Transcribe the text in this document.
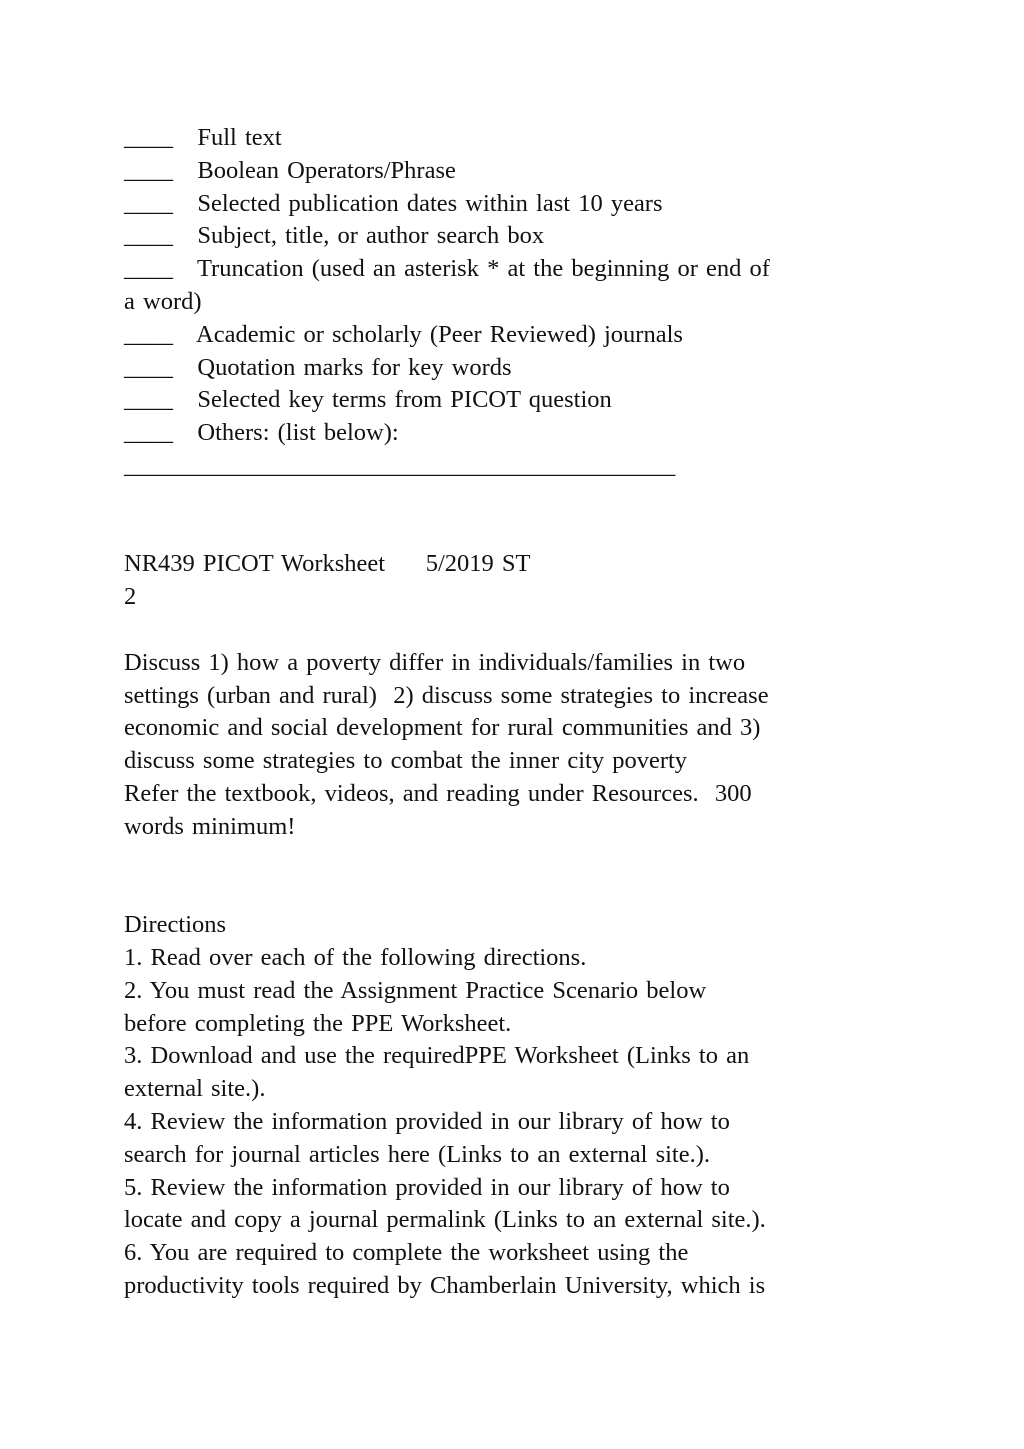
____ Full text
____ Boolean Operators/Phrase
____ Selected publication dates within last 10 years
____ Subject, title, or author search box
____ Truncation (used an asterisk * at the beginning or end of
a word)
____ Academic or scholarly (Peer Reviewed) journals
____ Quotation marks for key words
____ Selected key terms from PICOT question
____ Others: (list below):
_____________________________________________
NR439 PICOT Worksheet     5/2019 ST
2
Discuss 1) how a poverty differ in individuals/families in two
settings (urban and rural)  2) discuss some strategies to increase
economic and social development for rural communities and 3)
discuss some strategies to combat the inner city poverty
Refer the textbook, videos, and reading under Resources.  300
words minimum!
Directions
1. Read over each of the following directions.
2. You must read the Assignment Practice Scenario below
before completing the PPE Worksheet.
3. Download and use the requiredPPE Worksheet (Links to an
external site.).
4. Review the information provided in our library of how to
search for journal articles here (Links to an external site.).
5. Review the information provided in our library of how to
locate and copy a journal permalink (Links to an external site.).
6. You are required to complete the worksheet using the
productivity tools required by Chamberlain University, which is
